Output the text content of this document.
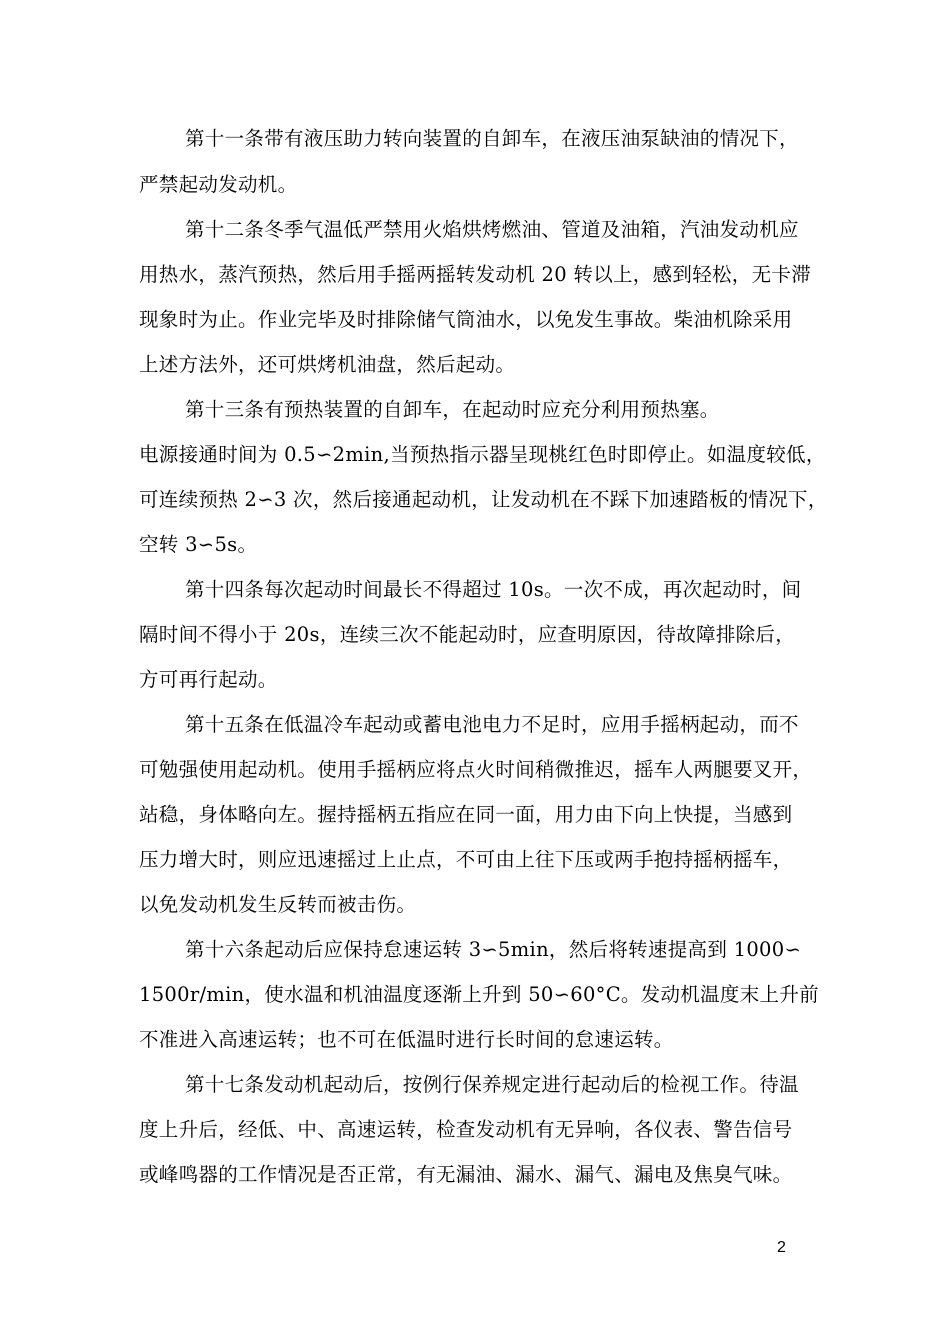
第十一条带有液压助力转向装置的自卸车，在液压油泵缺油的情况下，
严禁起动发动机。
第十二条冬季气温低严禁用火焰烘烤燃油、管道及油箱，汽油发动机应
用热水，蒸汽预热，然后用手摇两摇转发动机 20 转以上，感到轻松，无卡滞
现象时为止。作业完毕及时排除储气筒油水，以免发生事故。柴油机除采用
上述方法外，还可烘烤机油盘，然后起动。
第十三条有预热装置的自卸车，在起动时应充分利用预热塞。
电源接通时间为 0.5∽2min,当预热指示器呈现桃红色时即停止。如温度较低，
可连续预热 2∽3 次，然后接通起动机，让发动机在不踩下加速踏板的情况下，
空转 3∽5s。
第十四条每次起动时间最长不得超过 10s。一次不成，再次起动时，间
隔时间不得小于 20s，连续三次不能起动时，应查明原因，待故障排除后，
方可再行起动。
第十五条在低温冷车起动或蓄电池电力不足时，应用手摇柄起动，而不
可勉强使用起动机。使用手摇柄应将点火时间稍微推迟，摇车人两腿要叉开，
站稳，身体略向左。握持摇柄五指应在同一面，用力由下向上快提，当感到
压力增大时，则应迅速摇过上止点，不可由上往下压或两手抱持摇柄摇车，
以免发动机发生反转而被击伤。
第十六条起动后应保持怠速运转 3∽5min，然后将转速提高到 1000∽
1500r/min，使水温和机油温度逐渐上升到 50∽60°C。发动机温度末上升前
不准进入高速运转；也不可在低温时进行长时间的怠速运转。
第十七条发动机起动后，按例行保养规定进行起动后的检视工作。待温
度上升后，经低、中、高速运转，检查发动机有无异响，各仪表、警告信号
或峰鸣器的工作情况是否正常，有无漏油、漏水、漏气、漏电及焦臭气味。
2
